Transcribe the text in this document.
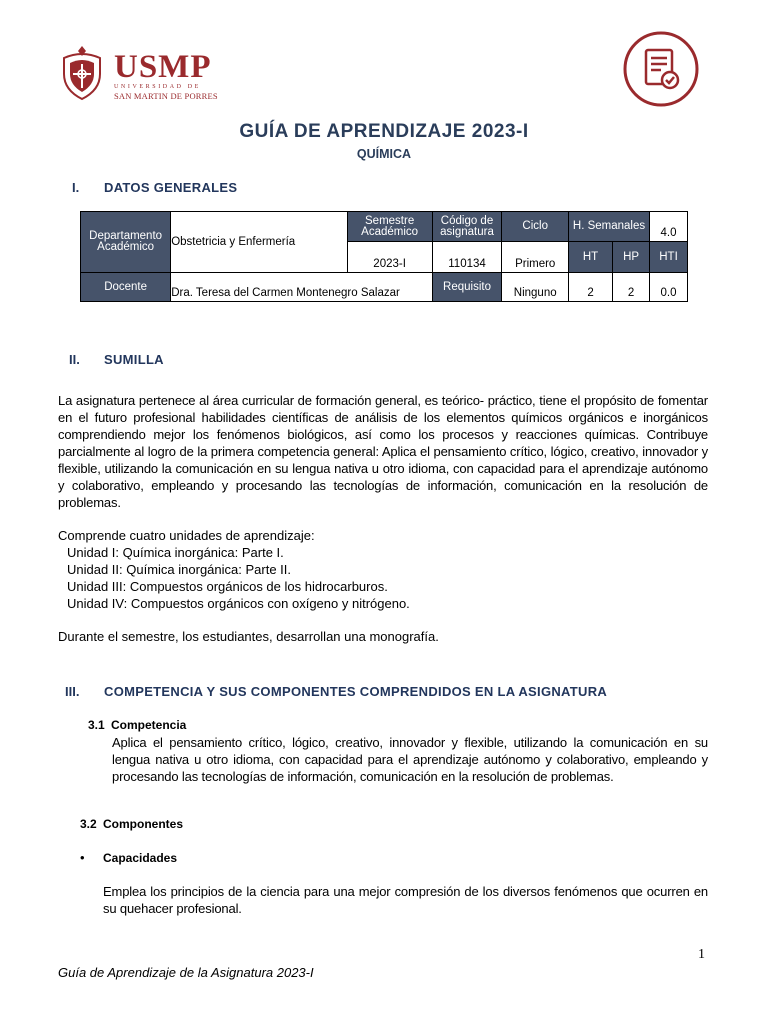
USMP
UNIVERSIDAD DE
SAN MARTIN DE PORRES
GUÍA DE APRENDIZAJE 2023-I
QUÍMICA
I. DATOS GENERALES
Departamento Académico	Obstetricia y Enfermería	Semestre Académico	Código de asignatura	Ciclo	H. Semanales		4.0
		2023-I	110134	Primero	HT	HP	HTI
Docente	Dra. Teresa del Carmen Montenegro Salazar		Requisito	Ninguno	2	2	0.0
II. SUMILLA
La asignatura pertenece al área curricular de formación general, es teórico- práctico, tiene el propósito de fomentar en el futuro profesional habilidades científicas de análisis de los elementos químicos orgánicos e inorgánicos comprendiendo mejor los fenómenos biológicos, así como los procesos y reacciones químicas. Contribuye parcialmente al logro de la primera competencia general: Aplica el pensamiento crítico, lógico, creativo, innovador y flexible, utilizando la comunicación en su lengua nativa u otro idioma, con capacidad para el aprendizaje autónomo y colaborativo, empleando y procesando las tecnologías de información, comunicación en la resolución de problemas.
Comprende cuatro unidades de aprendizaje:
Unidad I: Química inorgánica: Parte I.
Unidad II: Química inorgánica: Parte II.
Unidad III: Compuestos orgánicos de los hidrocarburos.
Unidad IV: Compuestos orgánicos con oxígeno y nitrógeno.
Durante el semestre, los estudiantes, desarrollan una monografía.
III. COMPETENCIA Y SUS COMPONENTES COMPRENDIDOS EN LA ASIGNATURA
3.1 Competencia
Aplica el pensamiento crítico, lógico, creativo, innovador y flexible, utilizando la comunicación en su lengua nativa u otro idioma, con capacidad para el aprendizaje autónomo y colaborativo, empleando y procesando las tecnologías de información, comunicación en la resolución de problemas.
3.2 Componentes
• Capacidades
Emplea los principios de la ciencia para una mejor compresión de los diversos fenómenos que ocurren en su quehacer profesional.
1
Guía de Aprendizaje de la Asignatura 2023-I
